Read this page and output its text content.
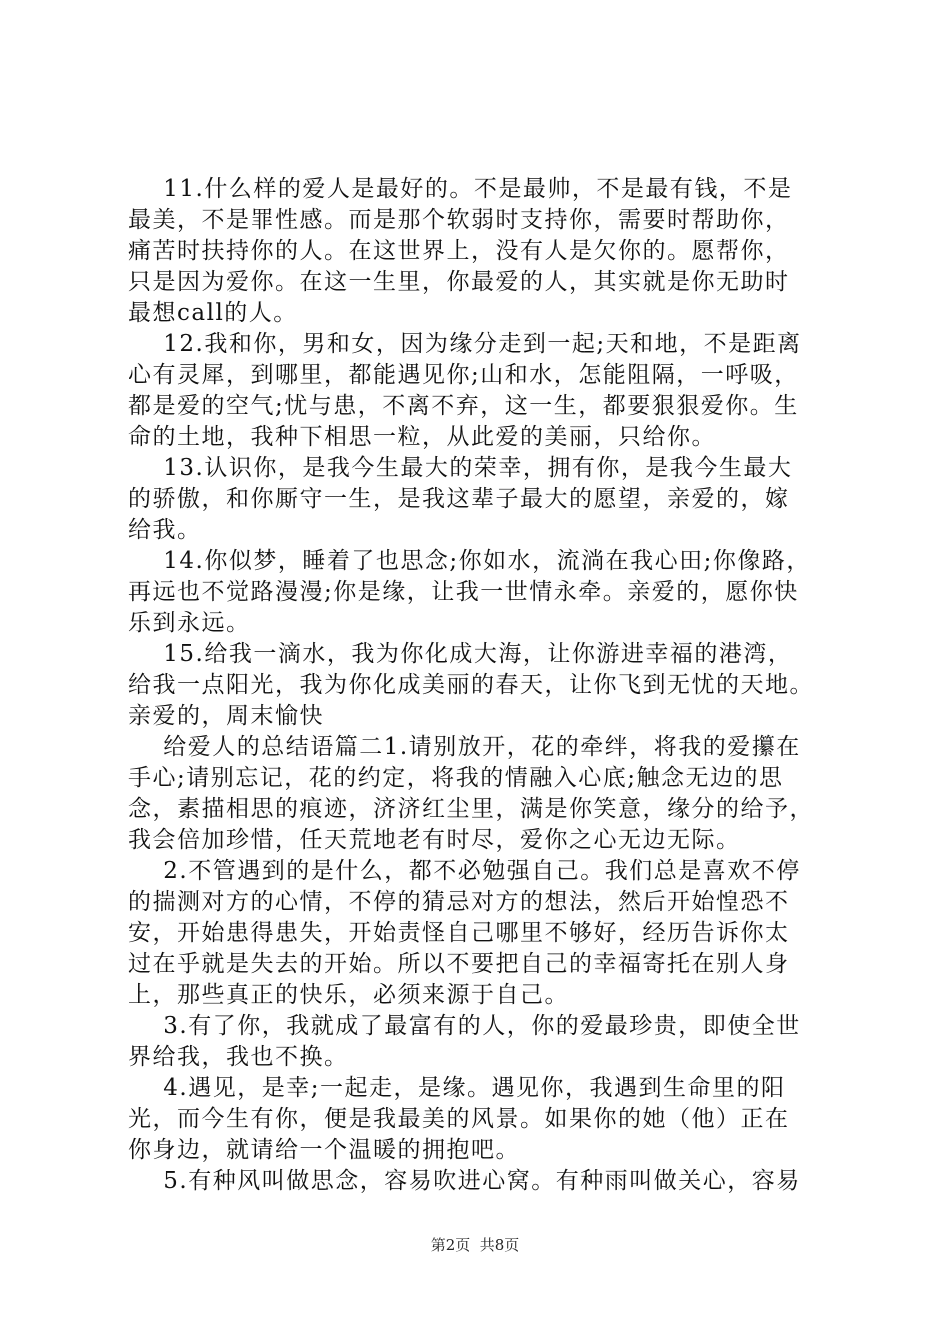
11.什么样的爱人是最好的。不是最帅，不是最有钱，不是
最美，不是罪性感。而是那个软弱时支持你，需要时帮助你，
痛苦时扶持你的人。在这世界上，没有人是欠你的。愿帮你，
只是因为爱你。在这一生里，你最爱的人，其实就是你无助时
最想call的人。
12.我和你，男和女，因为缘分走到一起;天和地，不是距离
心有灵犀，到哪里，都能遇见你;山和水，怎能阻隔，一呼吸，
都是爱的空气;忧与患，不离不弃，这一生，都要狠狠爱你。生
命的土地，我种下相思一粒，从此爱的美丽，只给你。
13.认识你，是我今生最大的荣幸，拥有你，是我今生最大
的骄傲，和你厮守一生，是我这辈子最大的愿望，亲爱的，嫁
给我。
14.你似梦，睡着了也思念;你如水，流淌在我心田;你像路，
再远也不觉路漫漫;你是缘，让我一世情永牵。亲爱的，愿你快
乐到永远。
15.给我一滴水，我为你化成大海，让你游进幸福的港湾，
给我一点阳光，我为你化成美丽的春天，让你飞到无忧的天地。
亲爱的，周末愉快
给爱人的总结语篇二1.请别放开，花的牵绊，将我的爱攥在
手心;请别忘记，花的约定，将我的情融入心底;触念无边的思
念，素描相思的痕迹，济济红尘里，满是你笑意，缘分的给予，
我会倍加珍惜，任天荒地老有时尽，爱你之心无边无际。
2.不管遇到的是什么，都不必勉强自己。我们总是喜欢不停
的揣测对方的心情，不停的猜忌对方的想法，然后开始惶恐不
安，开始患得患失，开始责怪自己哪里不够好，经历告诉你太
过在乎就是失去的开始。所以不要把自己的幸福寄托在别人身
上，那些真正的快乐，必须来源于自己。
3.有了你，我就成了最富有的人，你的爱最珍贵，即使全世
界给我，我也不换。
4.遇见，是幸;一起走，是缘。遇见你，我遇到生命里的阳
光，而今生有你，便是我最美的风景。如果你的她（他）正在
你身边，就请给一个温暖的拥抱吧。
5.有种风叫做思念，容易吹进心窝。有种雨叫做关心，容易
第2页  共8页
